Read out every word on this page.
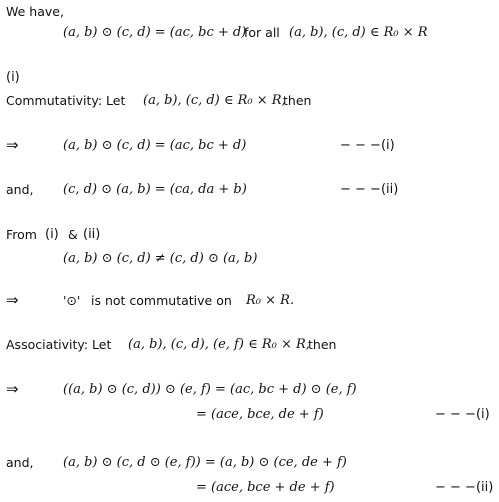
We have,
(a, b) ⊙ (c, d) = (ac, bc + d)
for all (a, b), (c, d) ∈ R₀ × R
(i)
Commutativity: Let (a, b), (c, d) ∈ R₀ × R,
then
⇒	(a, b) ⊙ (c, d) = (ac, bc + d)	− − −(i)
and, (c, d) ⊙ (a, b) = (ca, da + b)	− − −(ii)
From (i) & (ii)
(a, b) ⊙ (c, d) ≠ (c, d) ⊙ (a, b)
⇒	'⊙' is not commutative on R₀ × R.
Associativity: Let (a, b), (c, d), (e, f) ∈ R₀ × R,
then
⇒	((a, b) ⊙ (c, d)) ⊙ (e, f) = (ac, bc + d) ⊙ (e, f)
= (ace, bce, de + f)	− − −(i)
and, (a, b) ⊙ (c, d ⊙ (e, f)) = (a, b) ⊙ (ce, de + f)
= (ace, bce + de + f)	− − −(ii)
